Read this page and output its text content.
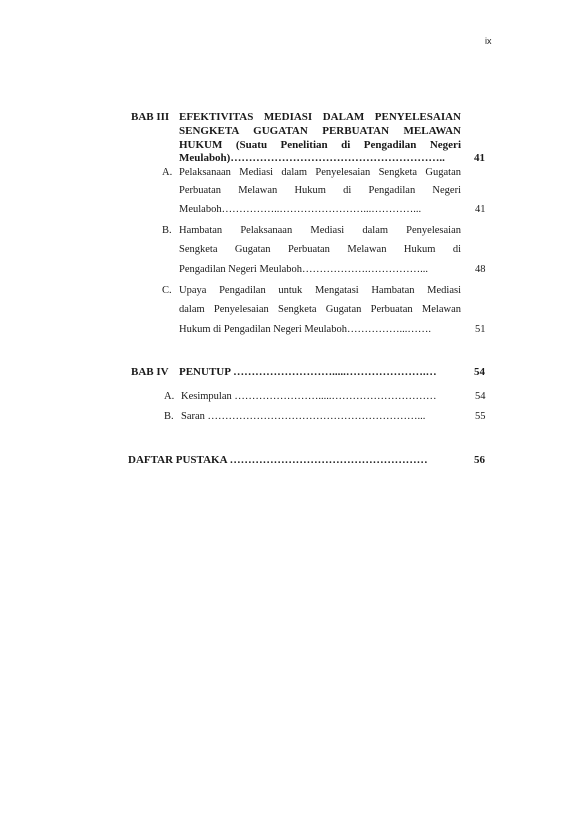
ix
BAB III EFEKTIVITAS MEDIASI DALAM PENYELESAIAN
SENGKETA GUGATAN PERBUATAN MELAWAN
HUKUM (Suatu Penelitian di Pengadilan Negeri
Meulaboh)…………………………………………………..	41
A. Pelaksanaan Mediasi dalam Penyelesaian Sengketa Gugatan
Perbuatan Melawan Hukum di Pengadilan Negeri
Meulaboh……………..……………………...…………...	41
B. Hambatan Pelaksanaan Mediasi dalam Penyelesaian
Sengketa Gugatan Perbuatan Melawan Hukum di
Pengadilan Negeri Meulaboh……………….……………...	48
C. Upaya Pengadilan untuk Mengatasi Hambatan Mediasi
dalam Penyelesaian Sengketa Gugatan Perbuatan Melawan
Hukum di Pengadilan Negeri Meulaboh……………...…….	51
BAB IV PENUTUP ……………………….....………………….…	54
A. Kesimpulan …………………….....…………………………	54
B. Saran ……………………………………………………...	55
DAFTAR PUSTAKA ………………………………………………	56
